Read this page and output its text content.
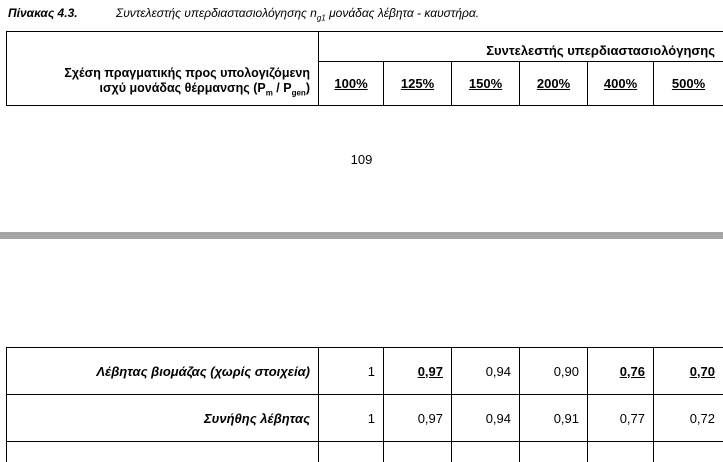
Πίνακας 4.3.	Συντελεστής υπερδιαστασιολόγησης $n_{g1}$ μονάδας λέβητα - καυστήρα.
	Συντελεστής υπερδιαστασιολόγησης					

Σχέση πραγματικής προς υπολογιζόμενη
ισχύ μονάδας θέρμανσης $(P_m / P_{gen})$	100%	125%	150%	200%	400%	500%
109
Λέβητας βιομάζας (χωρίς στοιχεία)	1	0,97	0,94	0,90	0,76	0,70
Συνήθης λέβητας	1	0,97	0,94	0,91	0,77	0,72
